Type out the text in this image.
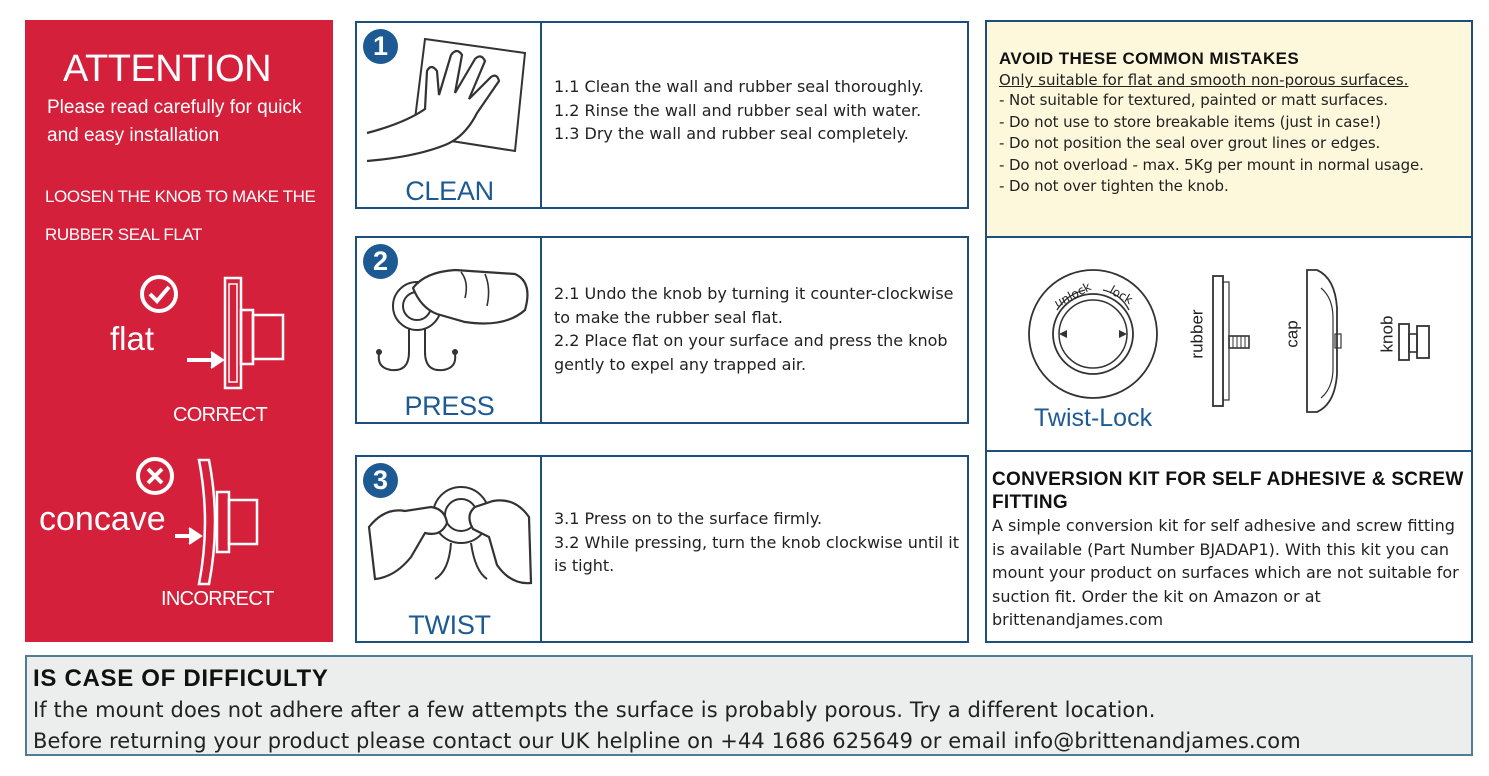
ATTENTION
Please read carefully for quick and easy installation
LOOSEN THE KNOB TO MAKE THE RUBBER SEAL FLAT
flat
CORRECT
concave
INCORRECT
1
CLEAN
1.1 Clean the wall and rubber seal thoroughly.
1.2 Rinse the wall and rubber seal with water.
1.3 Dry the wall and rubber seal completely.
2
PRESS
2.1 Undo the knob by turning it counter-clockwise to make the rubber seal flat.
2.2 Place flat on your surface and press the knob gently to expel any trapped air.
3
TWIST
3.1 Press on to the surface firmly.
3.2 While pressing, turn the knob clockwise until it is tight.
AVOID THESE COMMON MISTAKES
Only suitable for flat and smooth non-porous surfaces.
- Not suitable for textured, painted or matt surfaces.
- Do not use to store breakable items (just in case!)
- Do not position the seal over grout lines or edges.
- Do not overload - max. 5Kg per mount in normal usage.
- Do not over tighten the knob.
unlock lock
rubber	cap	knob
Twist-Lock
CONVERSION KIT FOR SELF ADHESIVE & SCREW FITTING

A simple conversion kit for self adhesive and screw fitting is available (Part Number BJADAP1). With this kit you can mount your product on surfaces which are not suitable for suction fit. Order the kit on Amazon or at brittenandjames.com

IS CASE OF DIFFICULTY

If the mount does not adhere after a few attempts the surface is probably porous. Try a different location.

Before returning your product please contact our UK helpline on +44 1686 625649 or email info@brittenandjames.com
